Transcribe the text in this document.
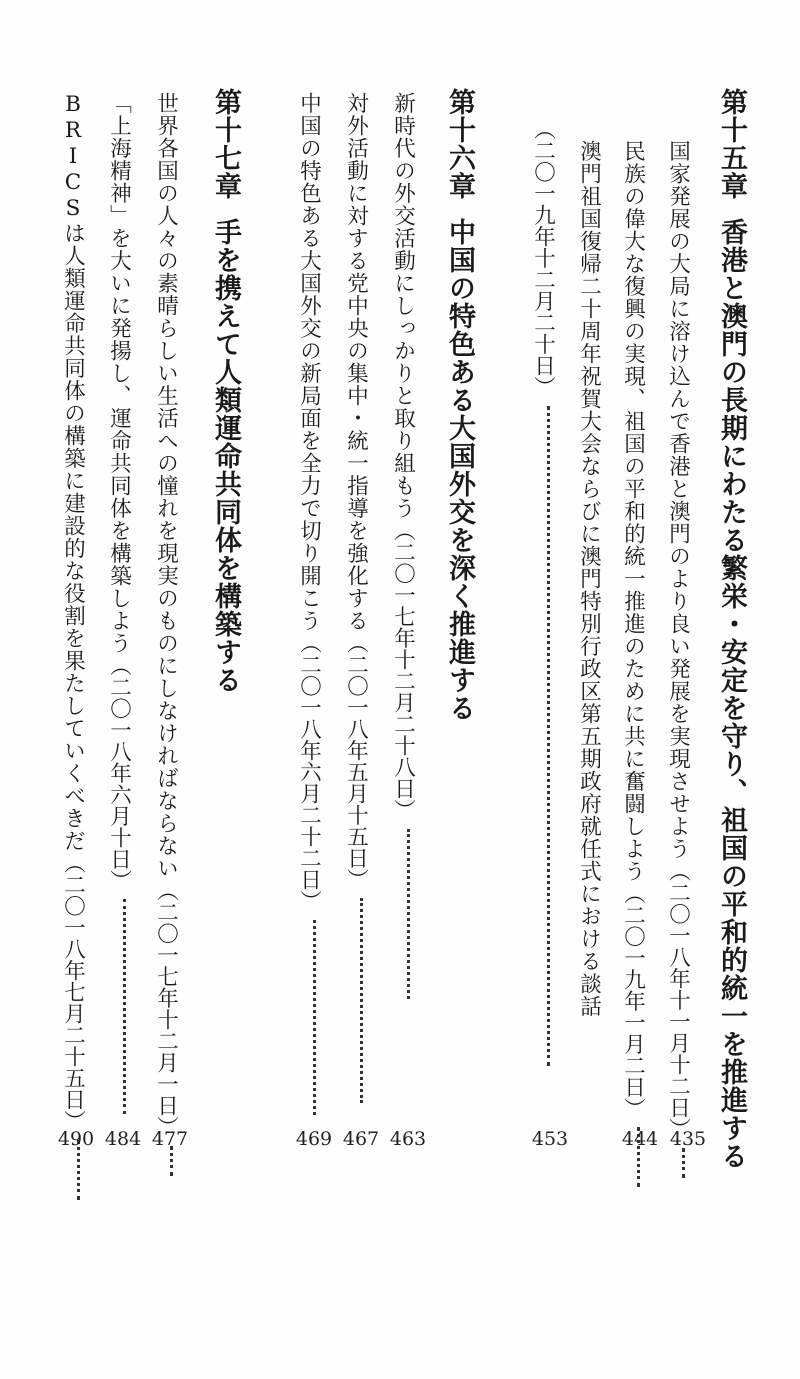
第十五章香港と澳門の長期にわたる繁栄・安定を守り、祖国の平和的統一を推進する
国家発展の大局に溶け込んで香港と澳門のより良い発展を実現させよう（二〇一八年十一月十二日）
435
民族の偉大な復興の実現、祖国の平和的統一推進のために共に奮闘しよう（二〇一九年一月二日）
444
澳門祖国復帰二十周年祝賀大会ならびに澳門特別行政区第五期政府就任式における談話
（二〇一九年十二月二十日）
453
第十六章中国の特色ある大国外交を深く推進する
新時代の外交活動にしっかりと取り組もう（二〇一七年十二月二十八日）
463
対外活動に対する党中央の集中・統一指導を強化する（二〇一八年五月十五日）
467
中国の特色ある大国外交の新局面を全力で切り開こう（二〇一八年六月二十二日）
469
第十七章手を携えて人類運命共同体を構築する
世界各国の人々の素晴らしい生活への憧れを現実のものにしなければならない（二〇一七年十二月一日）
477
「上海精神」を大いに発揚し、運命共同体を構築しよう（二〇一八年六月十日）
484
BRICSは人類運命共同体の構築に建設的な役割を果たしていくべきだ（二〇一八年七月二十五日）
490
